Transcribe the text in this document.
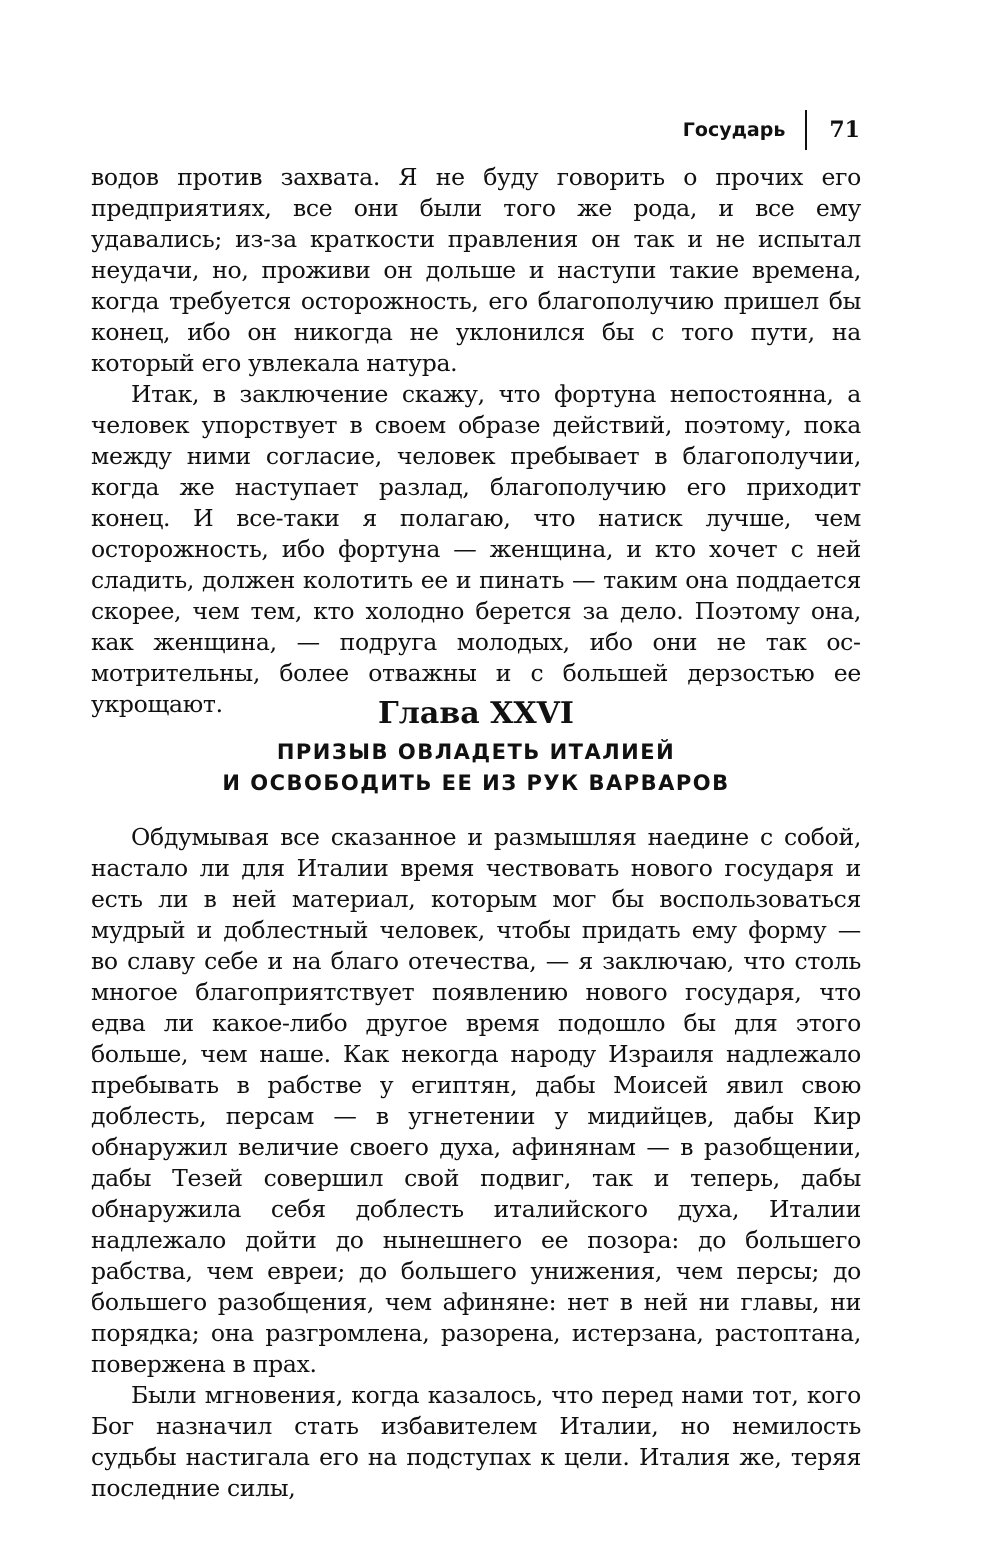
Государь 71

водов против захвата. Я не буду говорить о прочих его предприятиях, все они были того же рода, и все ему удавались; из-за краткости правления он так и не испытал неудачи, но, проживи он дольше и наступи такие времена, когда требуется осторожность, его благополучию пришел бы конец, ибо он никогда не уклонился бы с того пути, на который его увлекала натура.

Итак, в заключение скажу, что фортуна непостоянна, а человек упорствует в своем образе действий, поэтому, пока между ними согласие, человек пребывает в благополучии, когда же наступает разлад, благополучию его приходит конец. И все-таки я полагаю, что натиск лучше, чем осторожность, ибо фортуна — женщина, и кто хочет с ней сладить, должен колотить ее и пинать — таким она поддается скорее, чем тем, кто холодно берется за дело. Поэтому она, как женщина, — подруга молодых, ибо они не так осмотрительны, более отважны и с большей дерзостью ее укрощают.	Глава XXVI

ПРИЗЫВ ОВЛАДЕТЬ ИТАЛИЕЙ

И ОСВОБОДИТЬ ЕЕ ИЗ РУК ВАРВАРОВ

Обдумывая все сказанное и размышляя наедине с собой, настало ли для Италии время чествовать нового государя и есть ли в ней материал, которым мог бы воспользоваться мудрый и доблестный человек, чтобы придать ему форму — во славу себе и на благо отечества, — я заключаю, что столь многое благоприятствует появлению нового государя, что едва ли какое-либо другое время подошло бы для этого больше, чем наше. Как некогда народу Израиля надлежало пребывать в рабстве у египтян, дабы Моисей явил свою доблесть, персам — в угнетении у мидийцев, дабы Кир обнаружил величие своего духа, афинянам — в разобщении, дабы Тезей совершил свой подвиг, так и теперь, дабы обнаружила себя доблесть италийского духа, Италии надлежало дойти до нынешнего ее позора: до большего рабства, чем евреи; до большего унижения, чем персы; до большего разобщения, чем афиняне: нет в ней ни главы, ни порядка; она разгромлена, разорена, истерзана, растоптана, повержена в прах.

Были мгновения, когда казалось, что перед нами тот, кого Бог назначил стать избавителем Италии, но немилость судьбы настигала его на подступах к цели. Италия же, теряя последние силы,
